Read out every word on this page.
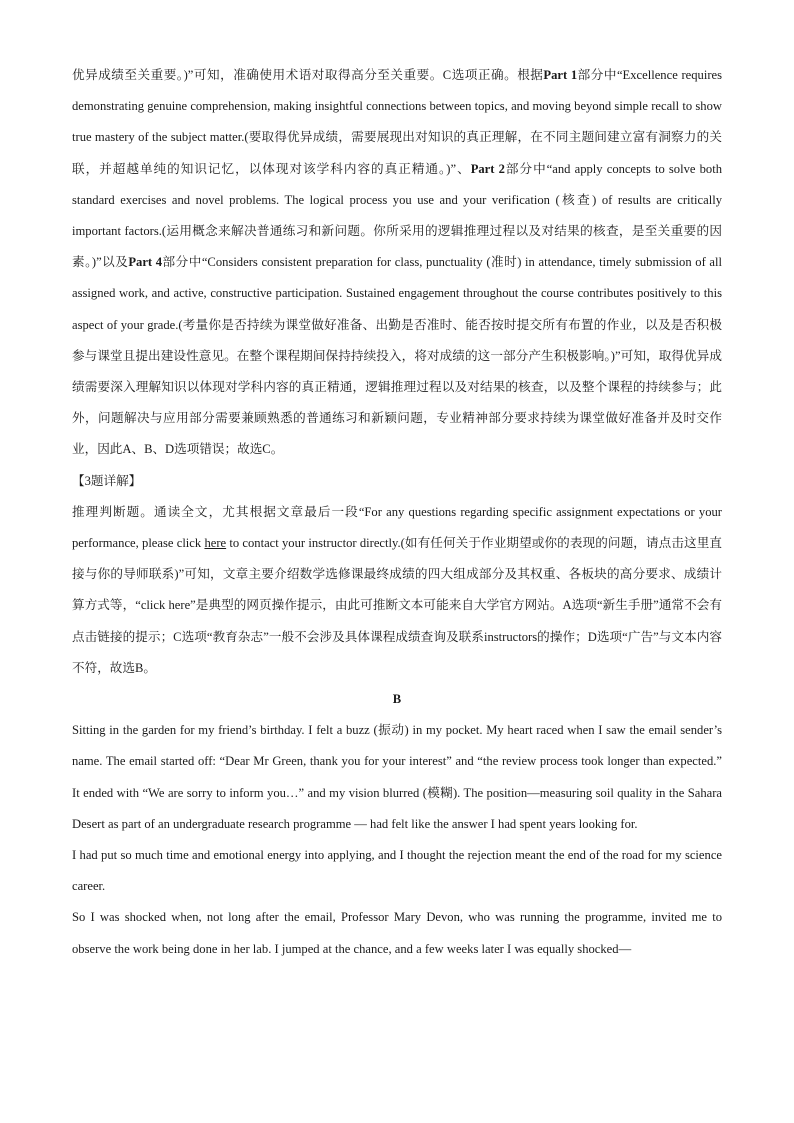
优异成绩至关重要。)”可知，准确使用术语对取得高分至关重要。C选项正确。根据Part 1部分中“Excellence requires demonstrating genuine comprehension, making insightful connections between topics, and moving beyond simple recall to show true mastery of the subject matter.(要取得优异成绩，需要展现出对知识的真正理解，在不同主题间建立富有洞察力的关联，并超越单纯的知识记忆，以体现对该学科内容的真正精通。)”、Part 2部分中“and apply concepts to solve both standard exercises and novel problems. The logical process you use and your verification (核查) of results are critically important factors.(运用概念来解决普通练习和新问题。你所采用的逻辑推理过程以及对结果的核查，是至关重要的因素。)”以及Part 4部分中“Considers consistent preparation for class, punctuality (准时) in attendance, timely submission of all assigned work, and active, constructive participation. Sustained engagement throughout the course contributes positively to this aspect of your grade.(考量你是否持续为课堂做好准备、出勤是否准时、能否按时提交所有布置的作业，以及是否积极参与课堂且提出建设性意见。在整个课程期间保持持续投入，将对成绩的这一部分产生积极影响。)”可知，取得优异成绩需要深入理解知识以体现对学科内容的真正精通，逻辑推理过程以及对结果的核查，以及整个课程的持续参与；此外，问题解决与应用部分需要兼顾熟悉的普通练习和新颖问题，专业精神部分要求持续为课堂做好准备并及时交作业，因此A、B、D选项错误；故选C。

【3题详解】

推理判断题。通读全文，尤其根据文章最后一段“For any questions regarding specific assignment expectations or your performance, please click here to contact your instructor directly.(如有任何关于作业期望或你的表现的问题，请点击这里直接与你的导师联系)”可知，文章主要介绍数学选修课最终成绩的四大组成部分及其权重、各板块的高分要求、成绩计算方式等，“click here”是典型的网页操作提示，由此可推断文本可能来自大学官方网站。A选项“新生手册”通常不会有点击链接的提示；C选项“教育杂志”一般不会涉及具体课程成绩查询及联系instructors的操作；D选项“广告”与文本内容不符，故选B。

B

Sitting in the garden for my friend’s birthday. I felt a buzz (振动) in my pocket. My heart raced when I saw the email sender’s name. The email started off: “Dear Mr Green, thank you for your interest” and “the review process took longer than expected.” It ended with “We are sorry to inform you…” and my vision blurred (模糊). The position—measuring soil quality in the Sahara Desert as part of an undergraduate research programme — had felt like the answer I had spent years looking for.

I had put so much time and emotional energy into applying, and I thought the rejection meant the end of the road for my science career.

So I was shocked when, not long after the email, Professor Mary Devon, who was running the programme, invited me to observe the work being done in her lab. I jumped at the chance, and a few weeks later I was equally shocked—
